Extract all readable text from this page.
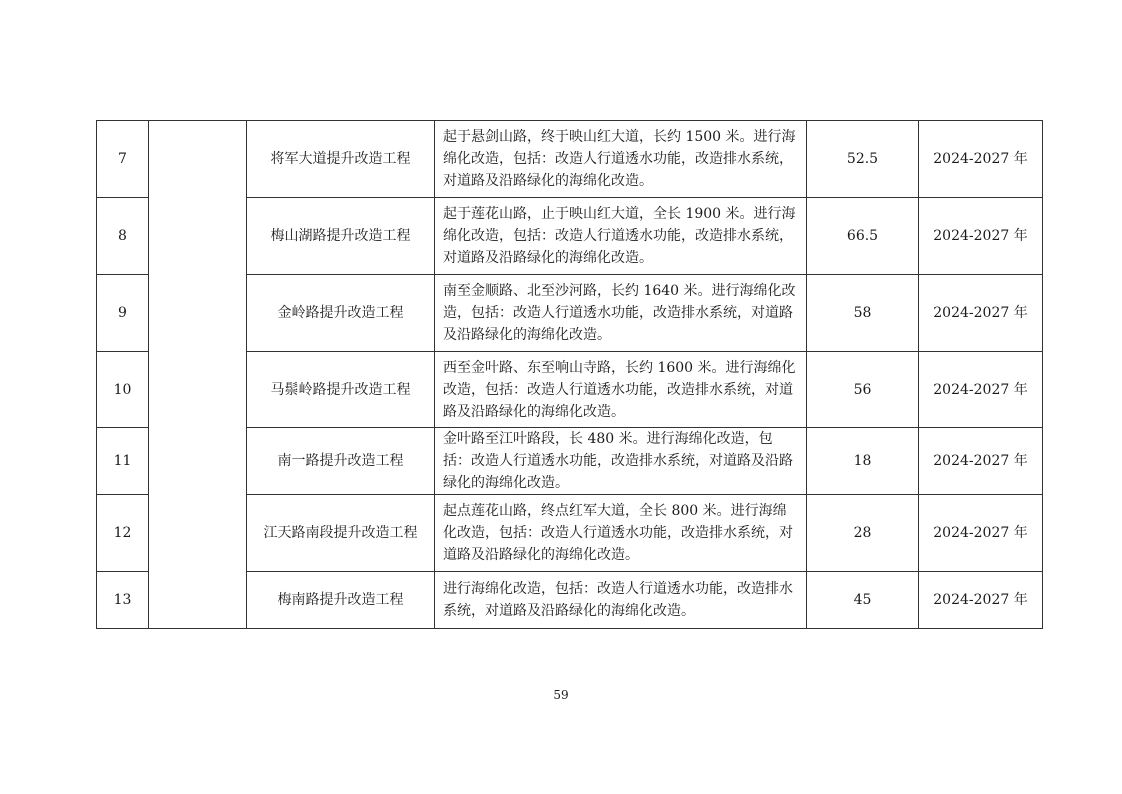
7		将军大道提升改造工程	起于悬剑山路，终于映山红大道，长约 1500 米。进行海绵化改造，包括：改造人行道透水功能，改造排水系统，对道路及沿路绿化的海绵化改造。	52.5	2024-2027 年
8		梅山湖路提升改造工程	起于莲花山路，止于映山红大道，全长 1900 米。进行海绵化改造，包括：改造人行道透水功能，改造排水系统，对道路及沿路绿化的海绵化改造。	66.5	2024-2027 年
9		金岭路提升改造工程	南至金顺路、北至沙河路，长约 1640 米。进行海绵化改造，包括：改造人行道透水功能，改造排水系统，对道路及沿路绿化的海绵化改造。	58	2024-2027 年
10		马鬃岭路提升改造工程	西至金叶路、东至响山寺路，长约 1600 米。进行海绵化改造，包括：改造人行道透水功能，改造排水系统，对道路及沿路绿化的海绵化改造。	56	2024-2027 年
11		南一路提升改造工程	金叶路至江叶路段，长 480 米。进行海绵化改造，包括：改造人行道透水功能，改造排水系统，对道路及沿路绿化的海绵化改造。	18	2024-2027 年
12		江天路南段提升改造工程	起点莲花山路，终点红军大道，全长 800 米。进行海绵化改造，包括：改造人行道透水功能，改造排水系统，对道路及沿路绿化的海绵化改造。	28	2024-2027 年
13		梅南路提升改造工程	进行海绵化改造，包括：改造人行道透水功能，改造排水系统，对道路及沿路绿化的海绵化改造。	45	2024-2027 年
59
